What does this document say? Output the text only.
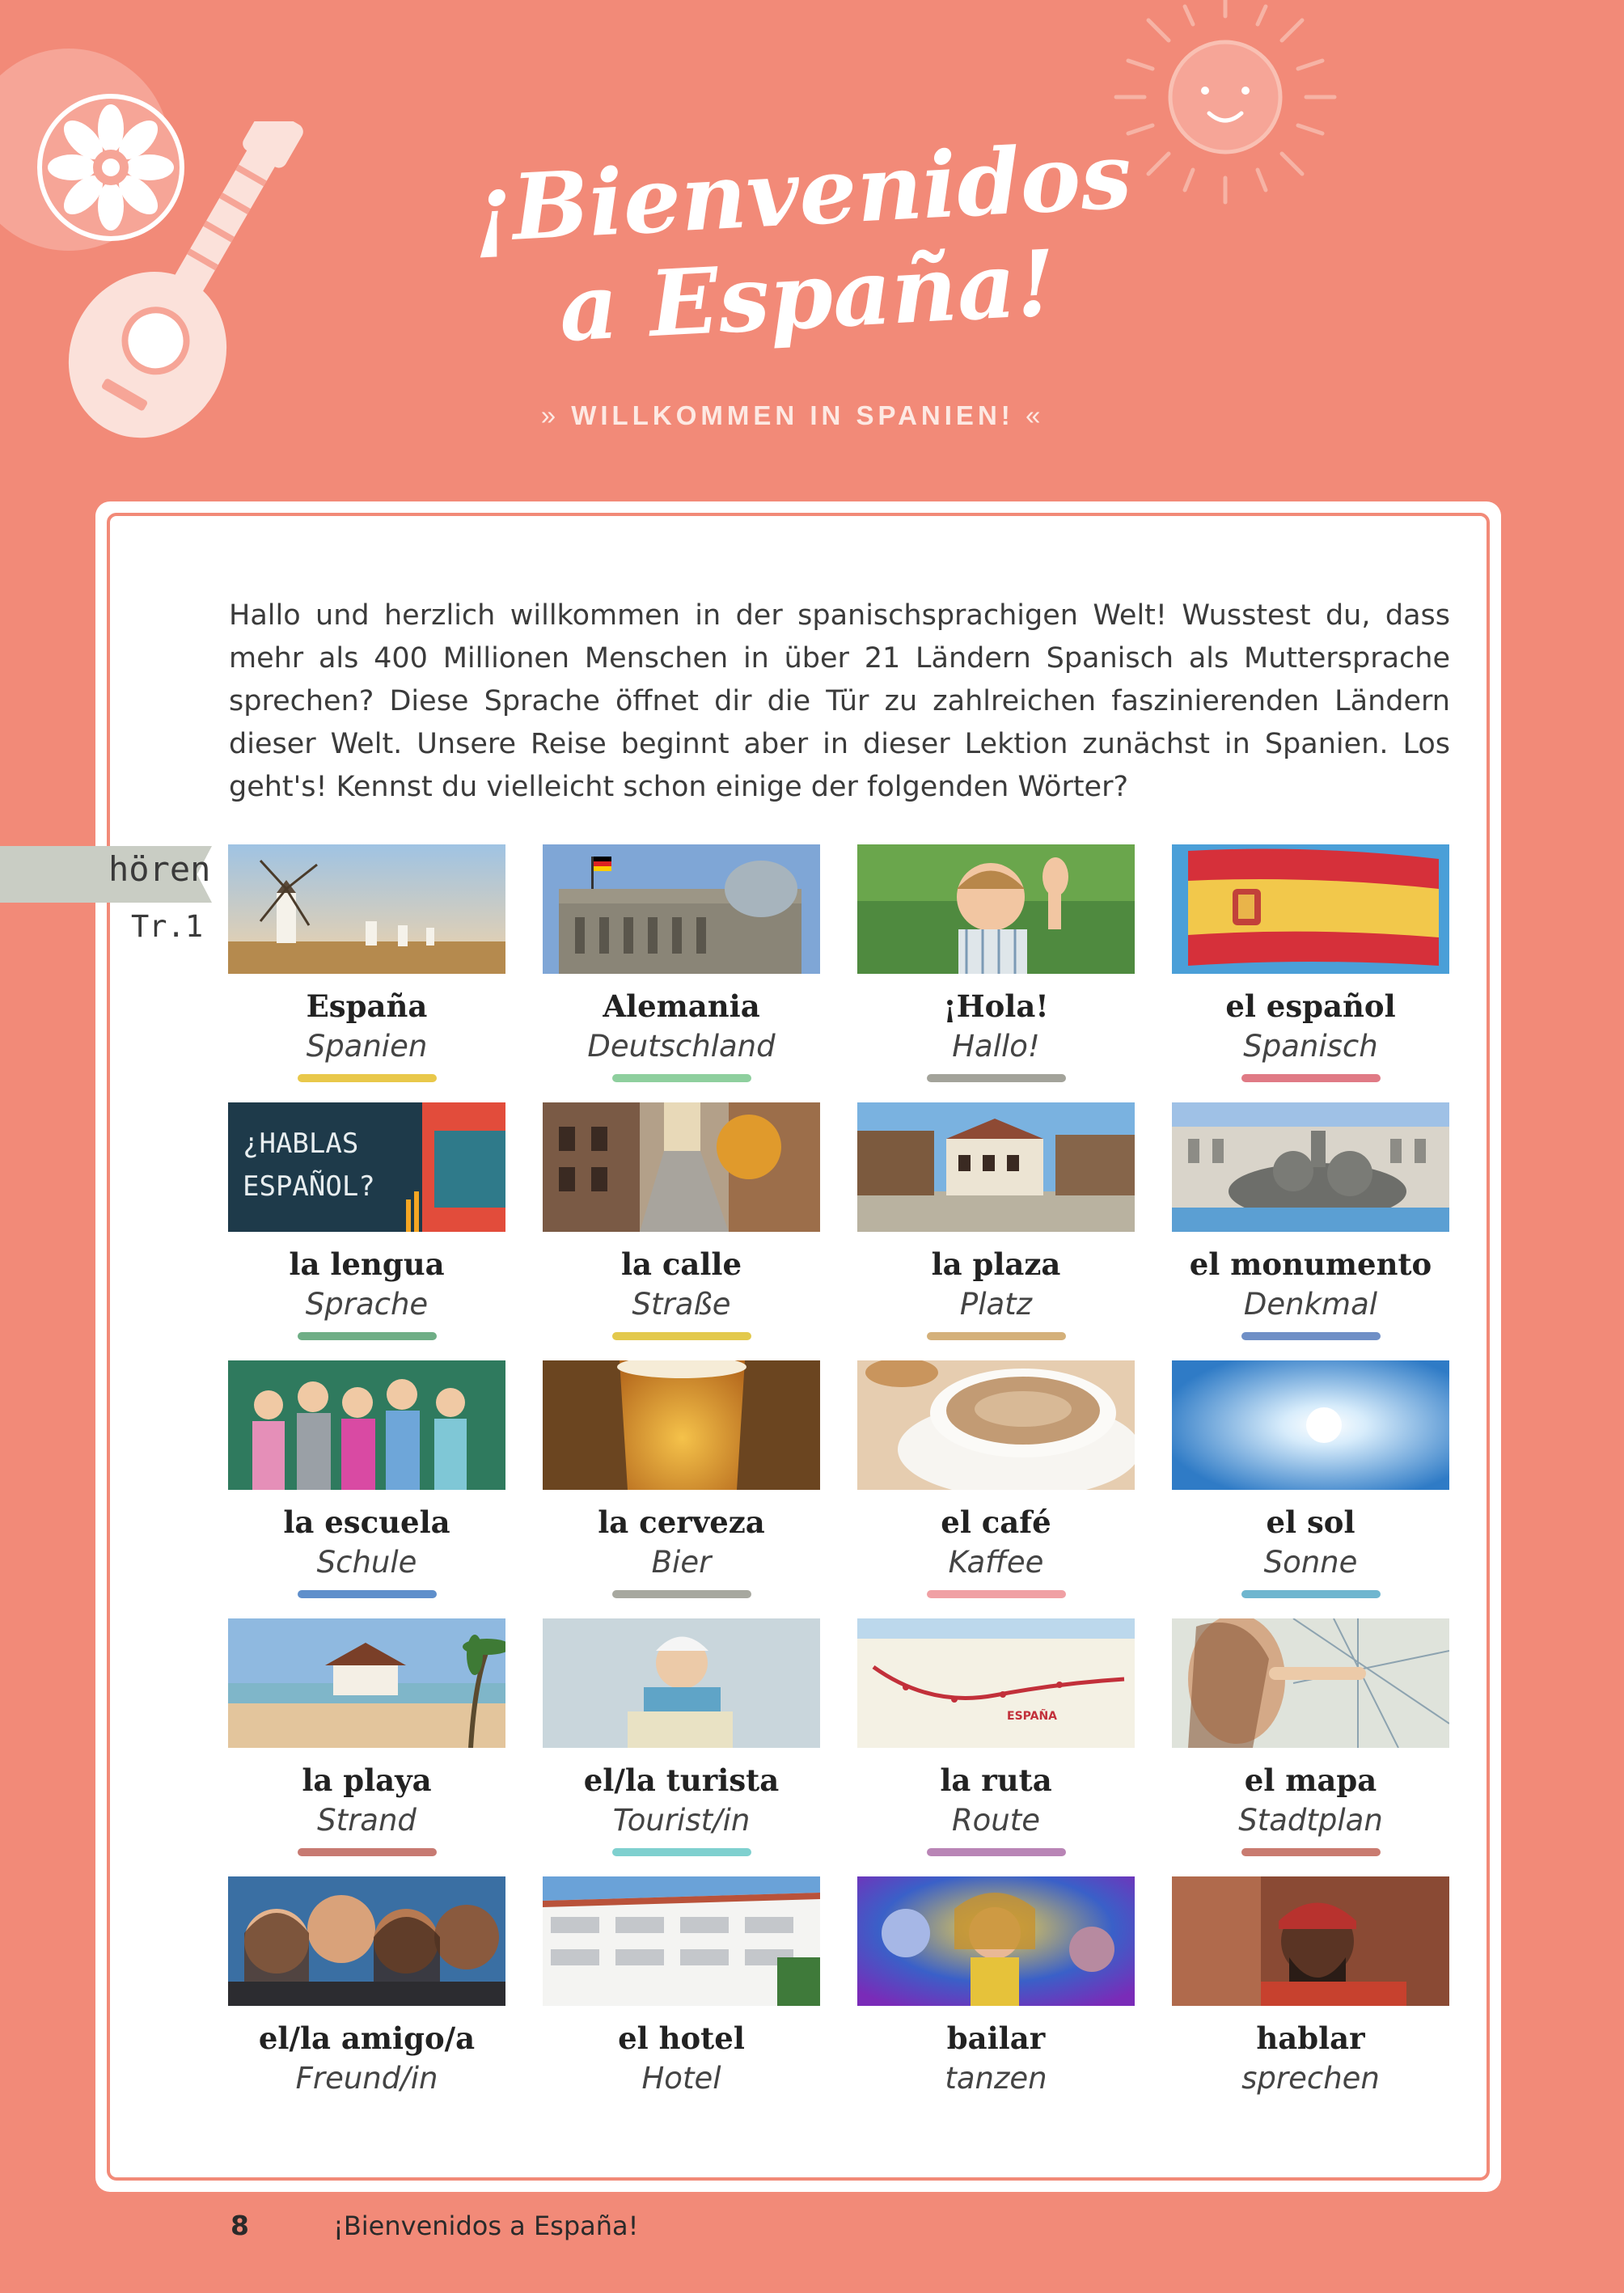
¡Bienvenidos
a España!
» WILLKOMMEN IN SPANIEN! «

Hallo und herzlich willkommen in der spanischsprachigen Welt! Wusstest du, dass mehr als 400 Millionen Menschen in über 21 Ländern Spanisch als Muttersprache sprechen? Diese Sprache öffnet dir die Tür zu zahlreichen faszinierenden Ländern dieser Welt. Unsere Reise beginnt aber in dieser Lektion zunächst in Spanien. Los geht's! Kennst du vielleicht schon einige der folgenden Wörter?

hören
Tr.1
España
Spanien
Alemania
Deutschland
¡Hola!
Hallo!
el español
Spanisch
¿HABLAS
ESPAÑOL?
la lengua
Sprache
la calle
Straße
la plaza
Platz
el monumento
Denkmal
la escuela
Schule
la cerveza
Bier
el café
Kaffee
el sol
Sonne
la playa
Strand
el/la turista
Tourist/in
ESPAÑA
la ruta
Route
el mapa
Stadtplan
el/la amigo/a
Freund/in
el hotel
Hotel
bailar
tanzen
hablar
sprechen
8	¡Bienvenidos a España!
